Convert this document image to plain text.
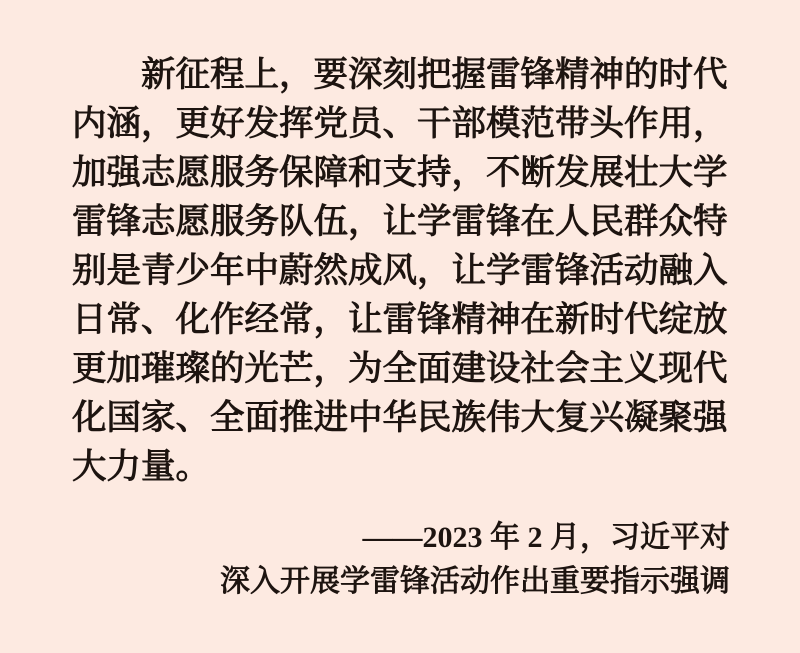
新征程上，要深刻把握雷锋精神的时代
内涵，更好发挥党员、干部模范带头作用，
加强志愿服务保障和支持，不断发展壮大学
雷锋志愿服务队伍，让学雷锋在人民群众特
别是青少年中蔚然成风，让学雷锋活动融入
日常、化作经常，让雷锋精神在新时代绽放
更加璀璨的光芒，为全面建设社会主义现代
化国家、全面推进中华民族伟大复兴凝聚强
大力量。
——2023 年 2 月，习近平对
深入开展学雷锋活动作出重要指示强调
